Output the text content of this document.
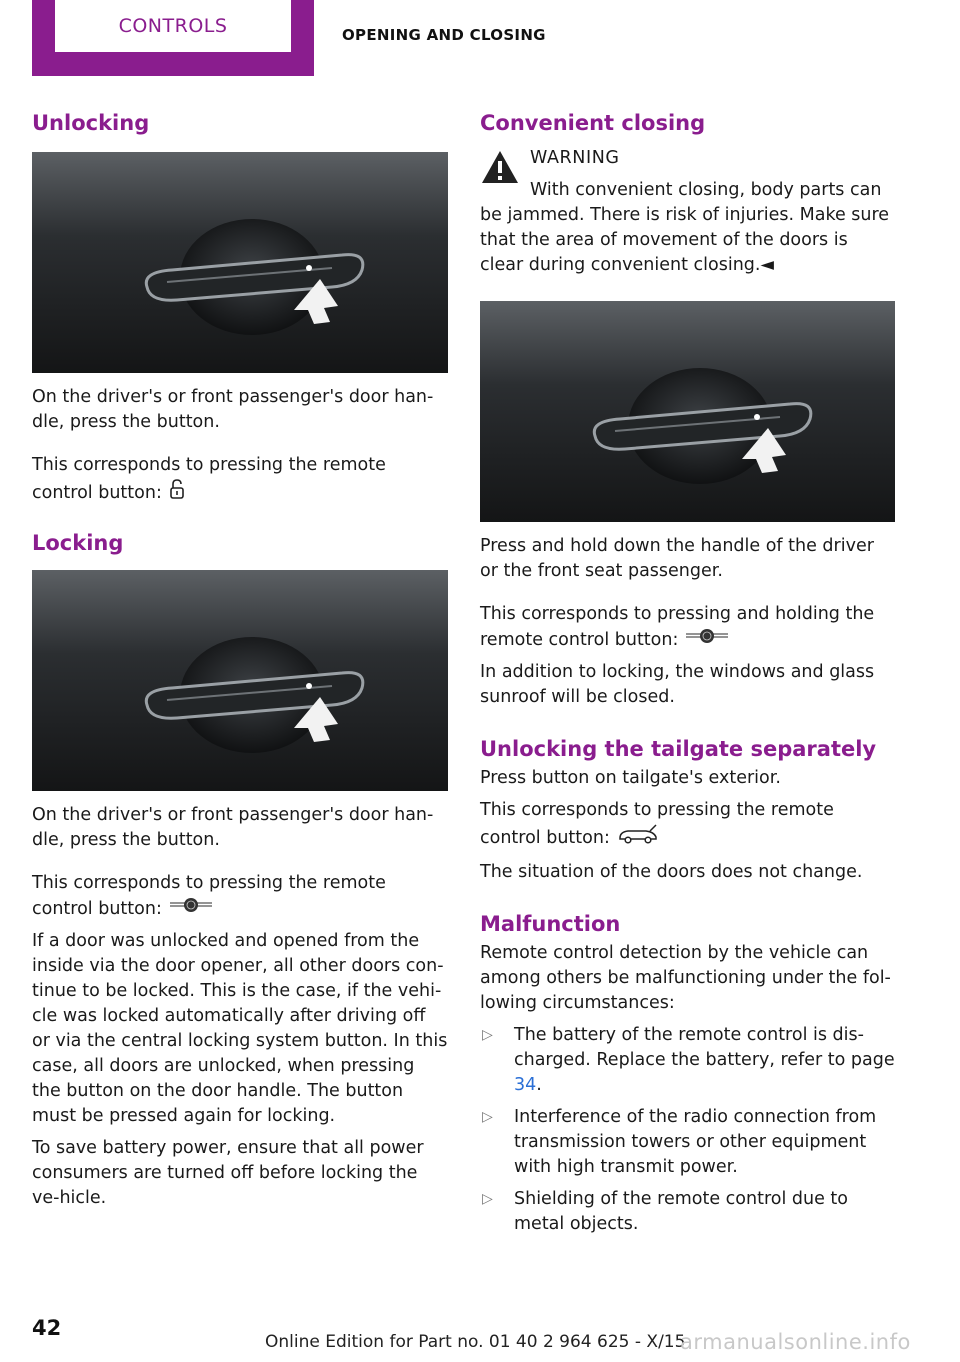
CONTROLS	OPENING AND CLOSING
Unlocking

On the driver's or front passenger's door han‐dle, press the button.

This corresponds to pressing the remote control button:

Locking

On the driver's or front passenger's door han‐dle, press the button.

This corresponds to pressing the remote control button:

If a door was unlocked and opened from the inside via the door opener, all other doors con‐tinue to be locked. This is the case, if the vehi‐cle was locked automatically after driving off or via the central locking system button. In this case, all doors are unlocked, when pressing the button on the door handle. The button must be pressed again for locking.

To save battery power, ensure that all power consumers are turned off before locking the ve‐hicle.

Convenient closing
WARNING

With convenient closing, body parts can

be jammed. There is risk of injuries. Make sure that the area of movement of the doors is clear during convenient closing.◄

Press and hold down the handle of the driver or the front seat passenger.

This corresponds to pressing and holding the remote control button:

In addition to locking, the windows and glass sunroof will be closed.

Unlocking the tailgate separately

Press button on tailgate's exterior.

This corresponds to pressing the remote control button:

The situation of the doors does not change.

Malfunction

Remote control detection by the vehicle can among others be malfunctioning under the fol‐lowing circumstances:

▷ The battery of the remote control is dis‐charged. Replace the battery, refer to page 34.

▷ Interference of the radio connection from transmission towers or other equipment with high transmit power.

▷ Shielding of the remote control due to metal objects.

42
Online Edition for Part no. 01 40 2 964 625 - X/15
armanualsonline.info
